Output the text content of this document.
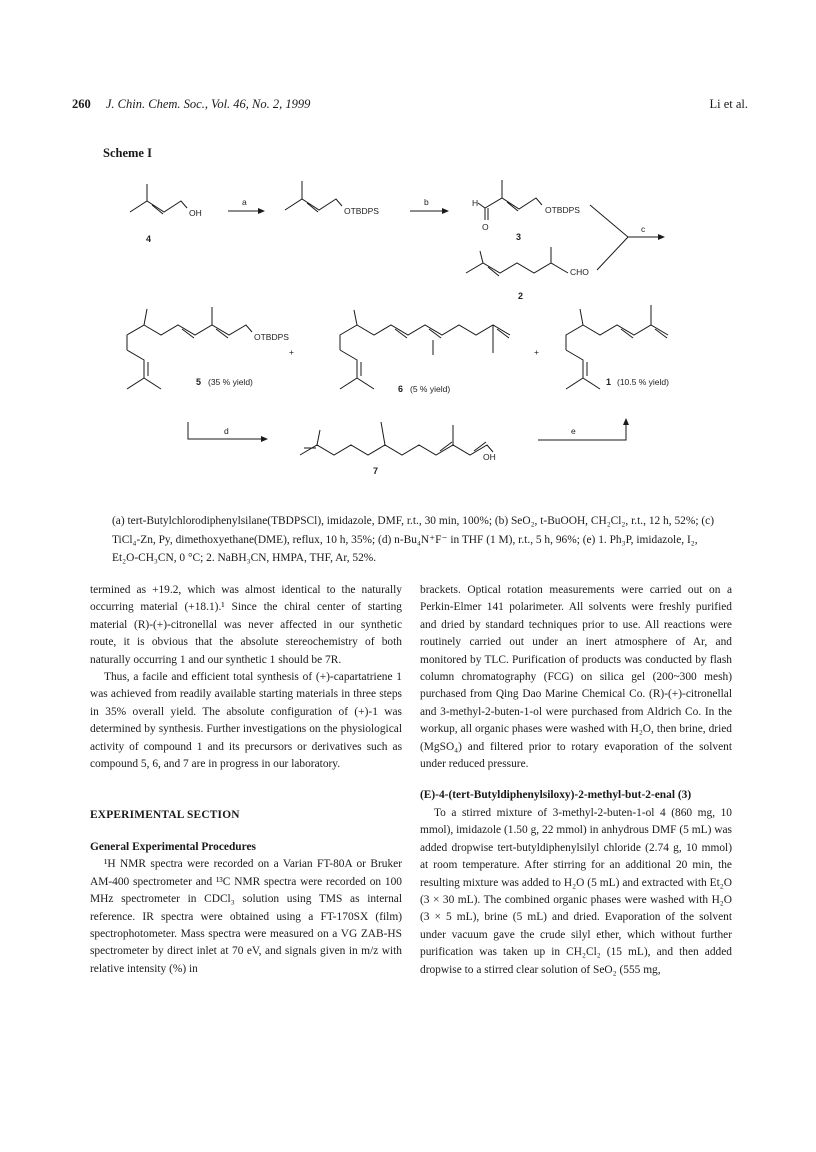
260 J. Chin. Chem. Soc., Vol. 46, No. 2, 1999	Li et al.
Scheme I
OH
4
a
OTBDPS
b	H
O
OTBDPS
3
CHO
2
c
OTBDPS
5 (35 % yield)
+
6 (5 % yield)
+
1 (10.5 % yield)
d
OH
7
e
(a) tert-Butylchlorodiphenylsilane(TBDPSCl), imidazole, DMF, r.t., 30 min, 100%; (b) SeO₂, t-BuOOH, CH₂Cl₂, r.t., 12 h, 52%; (c) TiCl₄-Zn, Py, dimethoxyethane(DME), reflux, 10 h, 35%; (d) n-Bu₄N⁺F⁻ in THF (1 M), r.t., 5 h, 96%; (e) 1. Ph₃P, imidazole, I₂, Et₂O-CH₃CN, 0 °C; 2. NaBH₃CN, HMPA, THF, Ar, 52%.

termined as +19.2, which was almost identical to the naturally occurring material (+18.1).¹ Since the chiral center of starting material (R)-(+)-citronellal was never affected in our synthetic route, it is obvious that the absolute stereochemistry of both naturally occurring 1 and our synthetic 1 should be 7R.

Thus, a facile and efficient total synthesis of (+)-capartatriene 1 was achieved from readily available starting materials in three steps in 35% overall yield. The absolute configuration of (+)-1 was determined by synthesis. Further investigations on the physiological activity of compound 1 and its precursors or derivatives such as compound 5, 6, and 7 are in progress in our laboratory.

EXPERIMENTAL SECTION

General Experimental Procedures

¹H NMR spectra were recorded on a Varian FT-80A or Bruker AM-400 spectrometer and ¹³C NMR spectra were recorded on 100 MHz spectrometer in CDCl₃ solution using TMS as internal reference. IR spectra were obtained using a FT-170SX (film) spectrophotometer. Mass spectra were measured on a VG ZAB-HS spectrometer by direct inlet at 70 eV, and signals given in m/z with relative intensity (%) in

brackets. Optical rotation measurements were carried out on a Perkin-Elmer 141 polarimeter. All solvents were freshly purified and dried by standard techniques prior to use. All reactions were routinely carried out under an inert atmosphere of Ar, and monitored by TLC. Purification of products was conducted by flash column chromatography (FCG) on silica gel (200~300 mesh) purchased from Qing Dao Marine Chemical Co. (R)-(+)-citronellal and 3-methyl-2-buten-1-ol were purchased from Aldrich Co. In the workup, all organic phases were washed with H₂O, then brine, dried (MgSO₄) and filtered prior to rotary evaporation of the solvent under reduced pressure.

(E)-4-(tert-Butyldiphenylsiloxy)-2-methyl-but-2-enal (3)

To a stirred mixture of 3-methyl-2-buten-1-ol 4 (860 mg, 10 mmol), imidazole (1.50 g, 22 mmol) in anhydrous DMF (5 mL) was added dropwise tert-butyldiphenylsilyl chloride (2.74 g, 10 mmol) at room temperature. After stirring for an additional 20 min, the resulting mixture was added to H₂O (5 mL) and extracted with Et₂O (3 × 30 mL). The combined organic phases were washed with H₂O (3 × 5 mL), brine (5 mL) and dried. Evaporation of the solvent under vacuum gave the crude silyl ether, which without further purification was taken up in CH₂Cl₂ (15 mL), and then added dropwise to a stirred clear solution of SeO₂ (555 mg,
